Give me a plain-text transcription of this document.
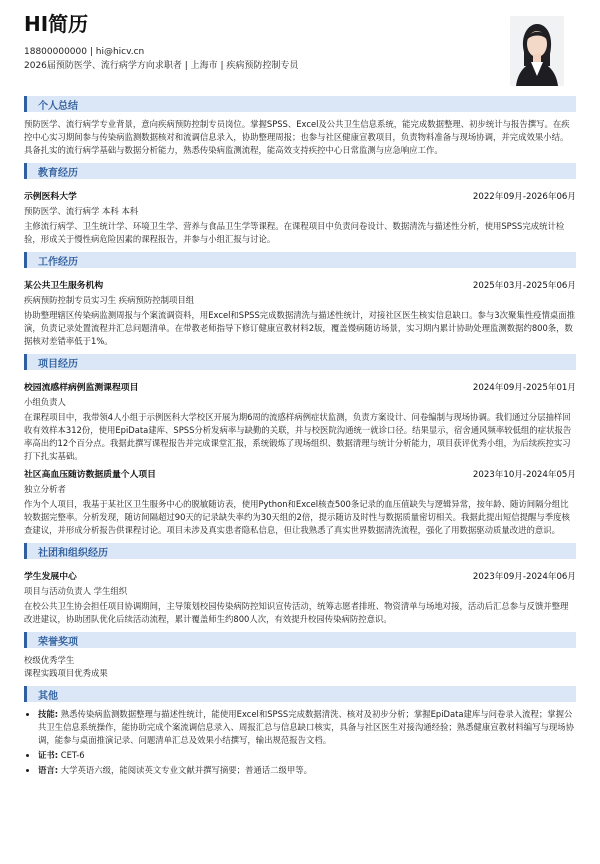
HI简历
18800000000 | hi@hicv.cn
2026届预防医学、流行病学方向求职者 | 上海市 | 疾病预防控制专员
个人总结

预防医学、流行病学专业背景，意向疾病预防控制专员岗位。掌握SPSS、Excel及公共卫生信息系统，能完成数据整理、初步统计与报告撰写。在疾控中心实习期间参与传染病监测数据核对和流调信息录入，协助整理周报；也参与社区健康宣教项目，负责物料准备与现场协调，并完成效果小结。具备扎实的流行病学基础与数据分析能力，熟悉传染病监测流程，能高效支持疾控中心日常监测与应急响应工作。

教育经历
示例医科大学	2022年09月-2026年06月
预防医学、流行病学 本科 本科
主修流行病学、卫生统计学、环境卫生学、营养与食品卫生学等课程。在课程项目中负责问卷设计、数据清洗与描述性分析，使用SPSS完成统计检验，形成关于慢性病危险因素的课程报告，并参与小组汇报与讨论。
工作经历
某公共卫生服务机构	2025年03月-2025年06月
疾病预防控制专员实习生 疾病预防控制项目组
协助整理辖区传染病监测周报与个案流调资料，用Excel和SPSS完成数据清洗与描述性统计，对接社区医生核实信息缺口。参与3次聚集性疫情桌面推演，负责记录处置流程并汇总问题清单。在带教老师指导下修订健康宣教材料2版，覆盖慢病随访场景，实习期内累计协助处理监测数据约800条，数据核对差错率低于1%。
项目经历
校园流感样病例监测课程项目	2024年09月-2025年01月
小组负责人
在课程项目中，我带领4人小组于示例医科大学校区开展为期6周的流感样病例症状监测，负责方案设计、问卷编制与现场协调。我们通过分层抽样回收有效样本312份，使用EpiData建库、SPSS分析发病率与缺勤的关联，并与校医院沟通统一就诊口径。结果显示，宿舍通风频率较低组的症状报告率高出约12个百分点。我据此撰写课程报告并完成课堂汇报，系统锻炼了现场组织、数据清理与统计分析能力，项目获评优秀小组，为后续疾控实习打下扎实基础。
社区高血压随访数据质量个人项目	2023年10月-2024年05月
独立分析者
作为个人项目，我基于某社区卫生服务中心的脱敏随访表，使用Python和Excel核查500条记录的血压值缺失与逻辑异常，按年龄、随访间隔分组比较数据完整率。分析发现，随访间隔超过90天的记录缺失率约为30天组的2倍，提示随访及时性与数据质量密切相关。我据此提出短信提醒与季度核查建议，并形成分析报告供课程讨论。项目未涉及真实患者隐私信息，但让我熟悉了真实世界数据清洗流程，强化了用数据驱动质量改进的意识。
社团和组织经历
学生发展中心	2023年09月-2024年06月
项目与活动负责人 学生组织
在校公共卫生协会担任项目协调期间，主导策划校园传染病防控知识宣传活动，统筹志愿者排班、物资清单与场地对接，活动后汇总参与反馈并整理改进建议，协助团队优化后续活动流程，累计覆盖师生约800人次，有效提升校园传染病防控意识。
荣誉奖项
校级优秀学生
课程实践项目优秀成果
其他
• 技能: 熟悉传染病监测数据整理与描述性统计，能使用Excel和SPSS完成数据清洗、核对及初步分析；掌握EpiData建库与问卷录入流程；掌握公共卫生信息系统操作，能协助完成个案流调信息录入、周报汇总与信息缺口核实，具备与社区医生对接沟通经验；熟悉健康宣教材料编写与现场协调，能参与桌面推演记录、问题清单汇总及效果小结撰写，输出规范报告文档。
• 证书: CET-6
• 语言: 大学英语六级，能阅读英文专业文献并撰写摘要；普通话二级甲等。
